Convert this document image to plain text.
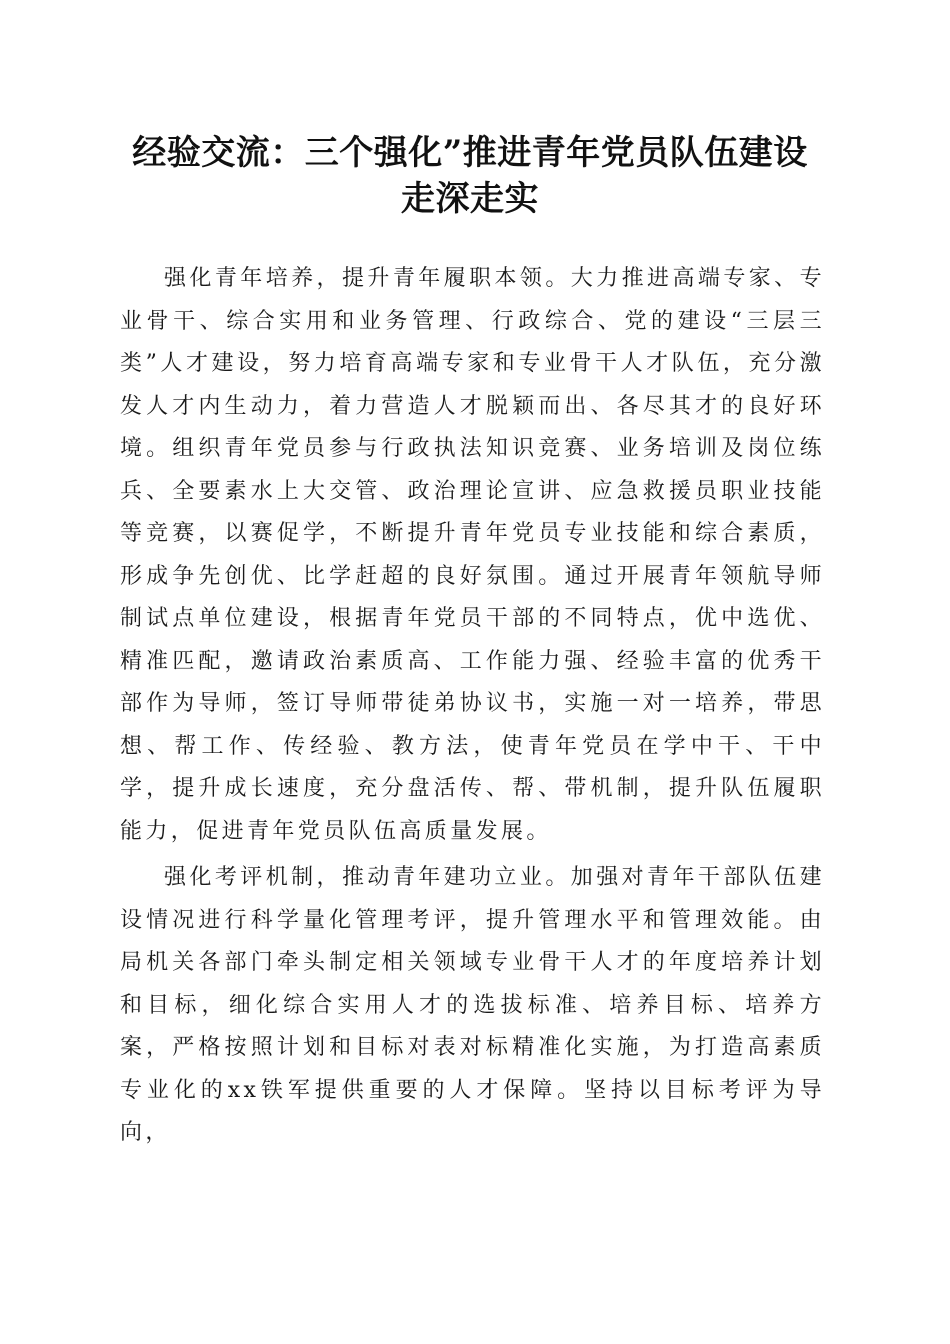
经验交流：三个强化”推进青年党员队伍建设
走深走实

强化青年培养，提升青年履职本领。大力推进高端专家、专业骨干、综合实用和业务管理、行政综合、党的建设“三层三类”人才建设，努力培育高端专家和专业骨干人才队伍，充分激发人才内生动力，着力营造人才脱颖而出、各尽其才的良好环境。组织青年党员参与行政执法知识竞赛、业务培训及岗位练兵、全要素水上大交管、政治理论宣讲、应急救援员职业技能等竞赛，以赛促学，不断提升青年党员专业技能和综合素质，形成争先创优、比学赶超的良好氛围。通过开展青年领航导师制试点单位建设，根据青年党员干部的不同特点，优中选优、精准匹配，邀请政治素质高、工作能力强、经验丰富的优秀干部作为导师，签订导师带徒弟协议书，实施一对一培养，带思想、帮工作、传经验、教方法，使青年党员在学中干、干中学，提升成长速度，充分盘活传、帮、带机制，提升队伍履职能力，促进青年党员队伍高质量发展。

强化考评机制，推动青年建功立业。加强对青年干部队伍建设情况进行科学量化管理考评，提升管理水平和管理效能。由局机关各部门牵头制定相关领域专业骨干人才的年度培养计划和目标，细化综合实用人才的选拔标准、培养目标、培养方案，严格按照计划和目标对表对标精准化实施，为打造高素质专业化的xx铁军提供重要的人才保障。坚持以目标考评为导向，
